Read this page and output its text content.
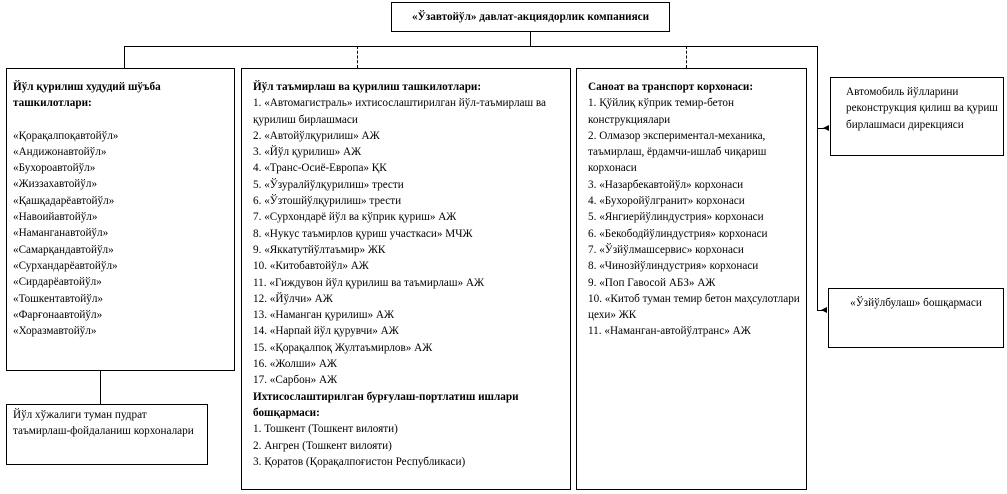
«Ўзавтойўл» давлат-акциядорлик компанияси
Йўл қурилиш худудий шўъба ташкилотлари:
«Қорақалпоқавтойўл»
«Андижонавтойўл»
«Бухороавтойўл»
«Жиззахавтойўл»
«Қашқадарёавтойўл»
«Навоийавтойўл»
«Наманганавтойўл»
«Самарқандавтойўл»
«Сурхандарёавтойўл»
«Сирдарёавтойўл»
«Тошкентавтойўл»
«Фарғонаавтойўл»
«Хоразмавтойўл»
Йўл хўжалиги туман пудрат таъмирлаш-фойдаланиш корхоналари
Йўл таъмирлаш ва қурилиш ташкилотлари:
1. «Автомагистраль» ихтисослаштирилган йўл-таъмирлаш ва қурилиш бирлашмаси
2. «Автойўлқурилиш» АЖ
3. «Йўл қурилиш» АЖ
4. «Транс-Осиё-Европа» ҚК
5. «Ўзуралйўлқурилиш» трести
6. «Ўзтошйўлқурилиш» трести
7. «Сурхондарё йўл ва кўприк қуриш» АЖ
8. «Нукус таъмирлов қуриш участкаси» МЧЖ
9. «Яккатутйўлтаъмир» ЖК
10. «Китобавтойўл» АЖ
11. «Гиждувон йўл қурилиш ва таъмирлаш» АЖ
12. «Йўлчи» АЖ
13. «Наманган қурилиш» АЖ
14. «Нарпай йўл қурувчи» АЖ
15. «Қорақалпоқ Жултаъмирлов» АЖ
16. «Жолши» АЖ
17. «Сарбон» АЖ
Ихтисослаштирилган бурғулаш-портлатиш ишлари бошқармаси:
1. Тошкент (Тошкент вилояти)
2. Ангрен (Тошкент вилояти)
3. Қоратов (Қорақалпоғистон Республикаси)
Саноат ва транспорт корхонаси:
1. Қўйлиқ кўприк темир-бетон конструкциялари
2. Олмазор экспериментал-механика, таъмирлаш, ёрдамчи-ишлаб чиқариш корхонаси
3. «Назарбекавтойўл» корхонаси
4. «Бухоройўлгранит» корхонаси
5. «Янгиерйўлиндустрия» корхонаси
6. «Бекободйўлиндустрия» корхонаси
7. «Ўзйўлмашсервис» корхонаси
8. «Чинозйўлиндустрия» корхонаси
9. «Поп Гавосой АБЗ» АЖ
10. «Китоб туман темир бетон маҳсулотлари цехи» ЖК
11. «Наманган-автойўлтранс» АЖ
Автомобиль йўлларини реконструкция қилиш ва қуриш бирлашмаси дирекцияси
«Ўзйўлбулаш» бошқармаси
